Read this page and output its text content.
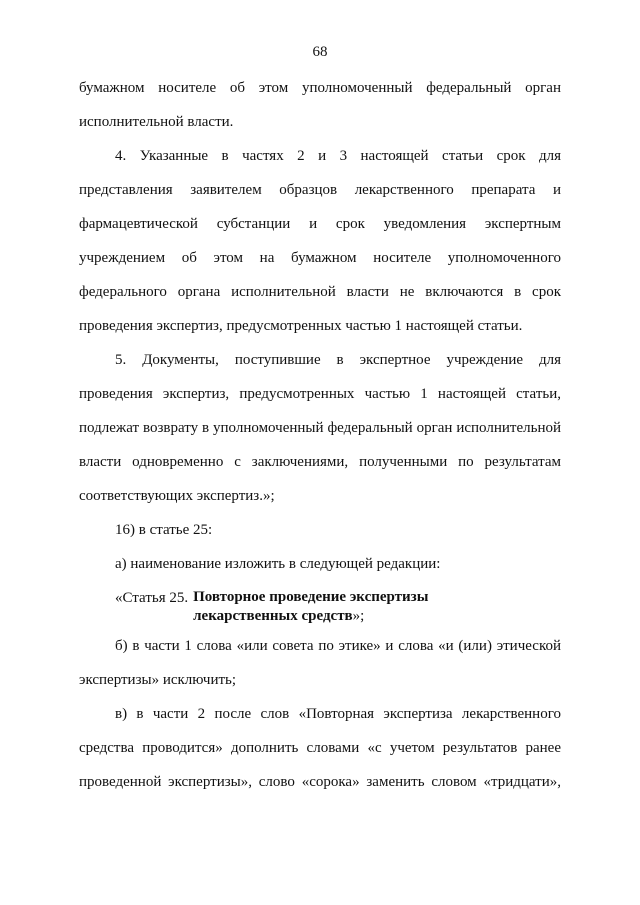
68
бумажном носителе об этом уполномоченный федеральный орган
исполнительной власти.
4. Указанные в частях 2 и 3 настоящей статьи срок для
представления заявителем образцов лекарственного препарата и
фармацевтической субстанции и срок уведомления экспертным
учреждением об этом на бумажном носителе уполномоченного
федерального органа исполнительной власти не включаются в срок
проведения экспертиз, предусмотренных частью 1 настоящей статьи.
5. Документы, поступившие в экспертное учреждение для
проведения экспертиз, предусмотренных частью 1 настоящей статьи,
подлежат возврату в уполномоченный федеральный орган исполнительной
власти одновременно с заключениями, полученными по результатам
соответствующих экспертиз.»;
16) в статье 25:
а) наименование изложить в следующей редакции:
«Статья 25. Повторное проведение экспертизы
лекарственных средств»;
б) в части 1 слова «или совета по этике» и слова «и (или) этической
экспертизы» исключить;
в) в части 2 после слов «Повторная экспертиза лекарственного
средства проводится» дополнить словами «с учетом результатов ранее
проведенной экспертизы», слово «сорока» заменить словом «тридцати»,
